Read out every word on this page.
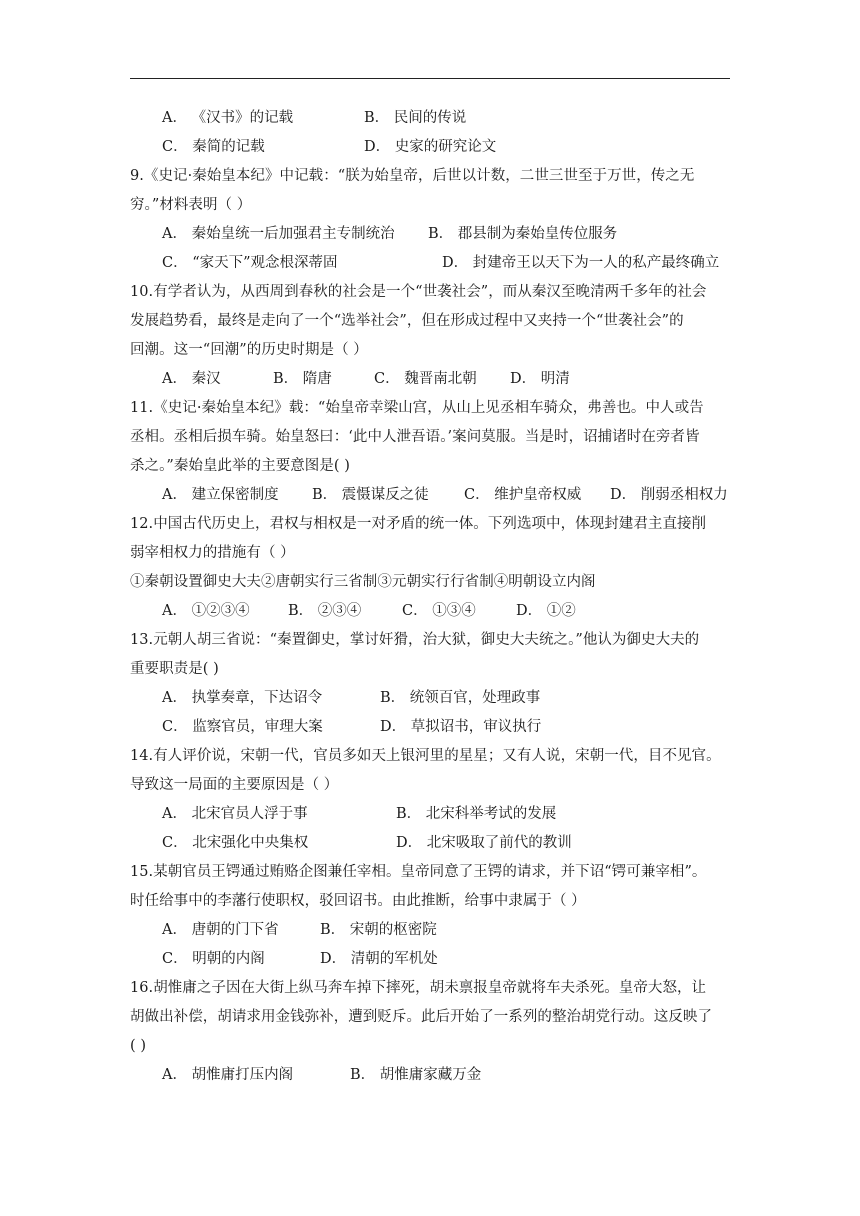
A． 《汉书》的记载	B． 民间的传说
C． 秦简的记载	D． 史家的研究论文
9.《史记·秦始皇本纪》中记载：“朕为始皇帝，后世以计数，二世三世至于万世，传之无
穷。”材料表明（ ）
A． 秦始皇统一后加强君主专制统治 B． 郡县制为秦始皇传位服务
C． “家天下”观念根深蒂固	D． 封建帝王以天下为一人的私产最终确立
10.有学者认为，从西周到春秋的社会是一个“世袭社会”，而从秦汉至晚清两千多年的社会
发展趋势看，最终是走向了一个“选举社会”，但在形成过程中又夹持一个“世袭社会”的
回潮。这一“回潮”的历史时期是（ ）
A． 秦汉	B． 隋唐	C． 魏晋南北朝 D． 明清
11.《史记·秦始皇本纪》载：“始皇帝幸梁山宫，从山上见丞相车骑众，弗善也。中人或告
丞相。丞相后损车骑。始皇怒曰：‘此中人泄吾语。’案问莫服。当是时，诏捕诸时在旁者皆
杀之。”秦始皇此举的主要意图是( )
A． 建立保密制度 B． 震慑谋反之徒 C． 维护皇帝权威 D． 削弱丞相权力
12.中国古代历史上，君权与相权是一对矛盾的统一体。下列选项中，体现封建君主直接削
弱宰相权力的措施有（ ）
①秦朝设置御史大夫②唐朝实行三省制③元朝实行行省制④明朝设立内阁
A． ①②③④	B． ②③④	C． ①③④	D． ①②
13.元朝人胡三省说：“秦置御史，掌讨奸猾，治大狱，御史大夫统之。”他认为御史大夫的
重要职责是( )
A． 执掌奏章，下达诏令	B． 统领百官，处理政事
C． 监察官员，审理大案	D． 草拟诏书，审议执行
14.有人评价说，宋朝一代，官员多如天上银河里的星星；又有人说，宋朝一代，目不见官。
导致这一局面的主要原因是（ ）
A． 北宋官员人浮于事	B． 北宋科举考试的发展
C． 北宋强化中央集权	D． 北宋吸取了前代的教训
15.某朝官员王锷通过贿赂企图兼任宰相。皇帝同意了王锷的请求，并下诏“锷可兼宰相”。
时任给事中的李藩行使职权，驳回诏书。由此推断，给事中隶属于（ ）
A． 唐朝的门下省	B． 宋朝的枢密院
C． 明朝的内阁	D． 清朝的军机处
16.胡惟庸之子因在大街上纵马奔车掉下摔死，胡未禀报皇帝就将车夫杀死。皇帝大怒，让
胡做出补偿，胡请求用金钱弥补，遭到贬斥。此后开始了一系列的整治胡党行动。这反映了
( )
A． 胡惟庸打压内阁	B． 胡惟庸家藏万金
